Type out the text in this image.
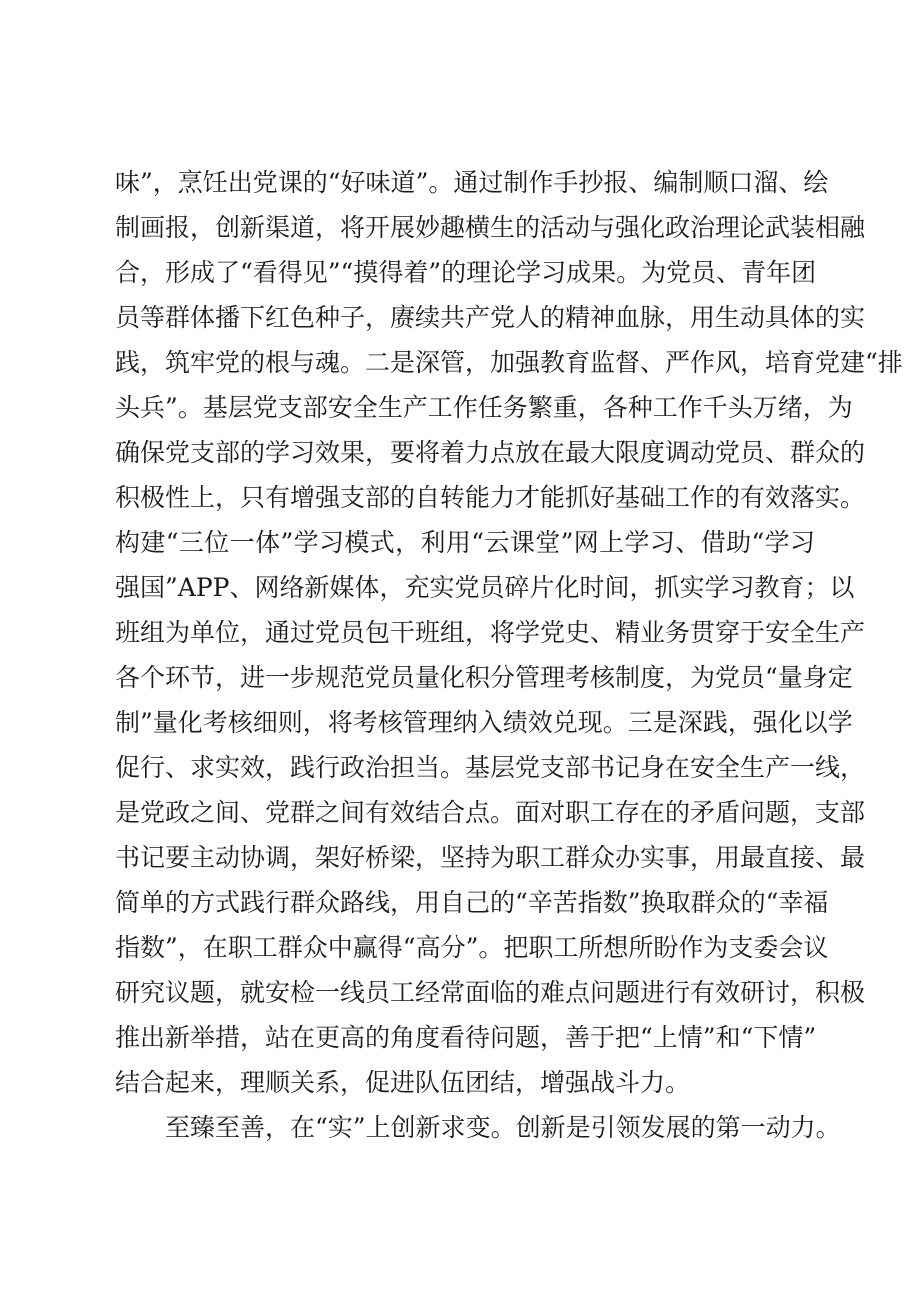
味”，烹饪出党课的“好味道”。通过制作手抄报、编制顺口溜、绘
制画报，创新渠道，将开展妙趣横生的活动与强化政治理论武装相融
合，形成了“看得见”“摸得着”的理论学习成果。为党员、青年团
员等群体播下红色种子，赓续共产党人的精神血脉，用生动具体的实
践，筑牢党的根与魂。二是深管，加强教育监督、严作风，培育党建“排
头兵”。基层党支部安全生产工作任务繁重，各种工作千头万绪，为
确保党支部的学习效果，要将着力点放在最大限度调动党员、群众的
积极性上，只有增强支部的自转能力才能抓好基础工作的有效落实。
构建“三位一体”学习模式，利用“云课堂”网上学习、借助“学习
强国”APP、网络新媒体，充实党员碎片化时间，抓实学习教育；以
班组为单位，通过党员包干班组，将学党史、精业务贯穿于安全生产
各个环节，进一步规范党员量化积分管理考核制度，为党员“量身定
制”量化考核细则，将考核管理纳入绩效兑现。三是深践，强化以学
促行、求实效，践行政治担当。基层党支部书记身在安全生产一线，
是党政之间、党群之间有效结合点。面对职工存在的矛盾问题，支部
书记要主动协调，架好桥梁，坚持为职工群众办实事，用最直接、最
简单的方式践行群众路线，用自己的“辛苦指数”换取群众的“幸福
指数”，在职工群众中赢得“高分”。把职工所想所盼作为支委会议
研究议题，就安检一线员工经常面临的难点问题进行有效研讨，积极
推出新举措，站在更高的角度看待问题，善于把“上情”和“下情”
结合起来，理顺关系，促进队伍团结，增强战斗力。
至臻至善，在“实”上创新求变。创新是引领发展的第一动力。
